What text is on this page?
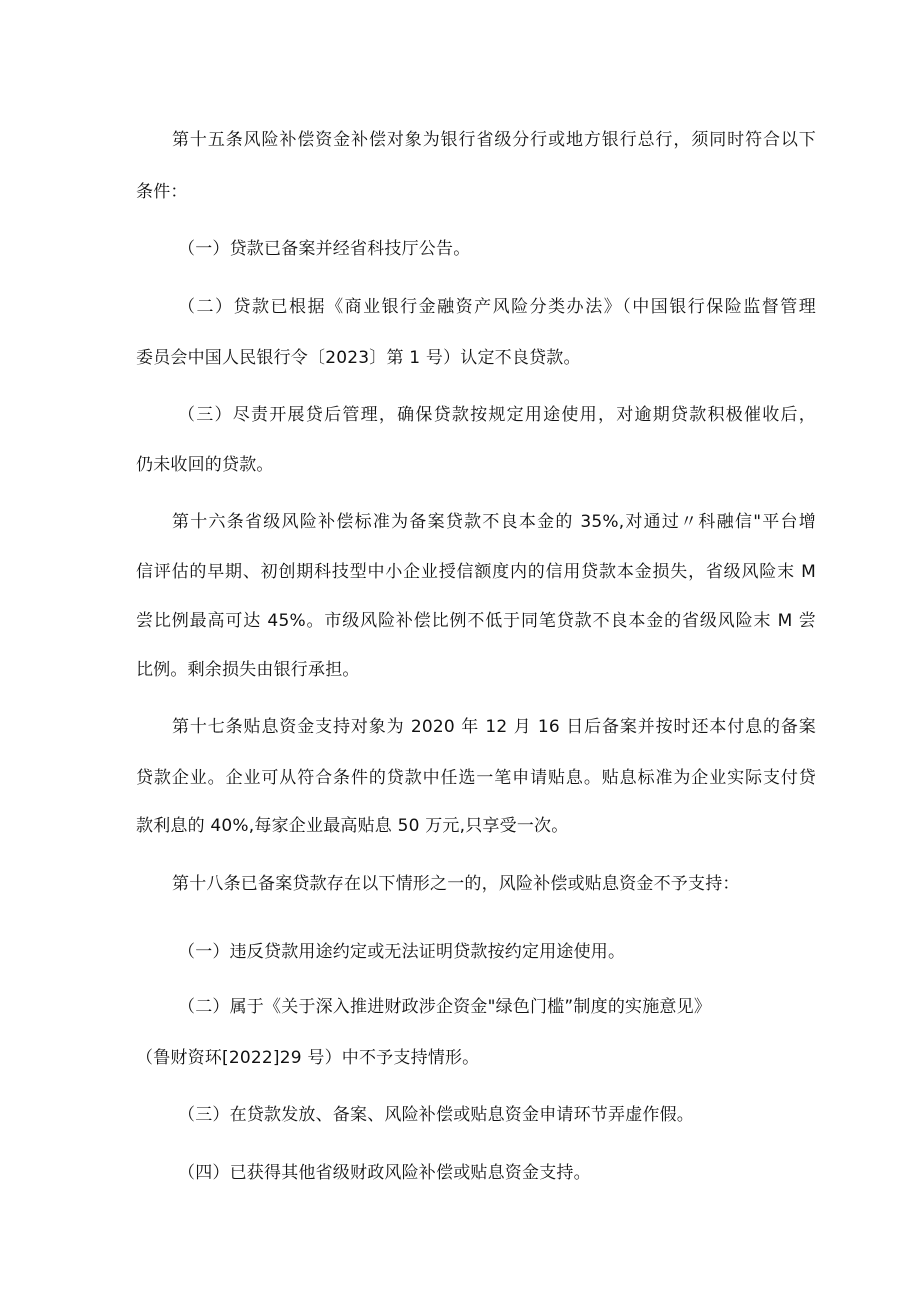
第十五条风险补偿资金补偿对象为银行省级分行或地方银行总行，须同时符合以下
条件：
（一）贷款已备案并经省科技厅公告。
（二）贷款已根据《商业银行金融资产风险分类办法》（中国银行保险监督管理
委员会中国人民银行令〔2023〕第 1 号）认定不良贷款。
（三）尽责开展贷后管理，确保贷款按规定用途使用，对逾期贷款积极催收后，
仍未收回的贷款。
第十六条省级风险补偿标准为备案贷款不良本金的 35%,对通过〃科融信"平台增
信评估的早期、初创期科技型中小企业授信额度内的信用贷款本金损失，省级风险末 M
尝比例最高可达 45%。市级风险补偿比例不低于同笔贷款不良本金的省级风险末 M 尝
比例。剩余损失由银行承担。
第十七条贴息资金支持对象为 2020 年 12 月 16 日后备案并按时还本付息的备案
贷款企业。企业可从符合条件的贷款中任选一笔申请贴息。贴息标准为企业实际支付贷
款利息的 40%,每家企业最高贴息 50 万元,只享受一次。
第十八条已备案贷款存在以下情形之一的，风险补偿或贴息资金不予支持：
（一）违反贷款用途约定或无法证明贷款按约定用途使用。
（二）属于《关于深入推进财政涉企资金"绿色门槛”制度的实施意见》
（鲁财资环[2022]29 号）中不予支持情形。
（三）在贷款发放、备案、风险补偿或贴息资金申请环节弄虚作假。
（四）已获得其他省级财政风险补偿或贴息资金支持。
